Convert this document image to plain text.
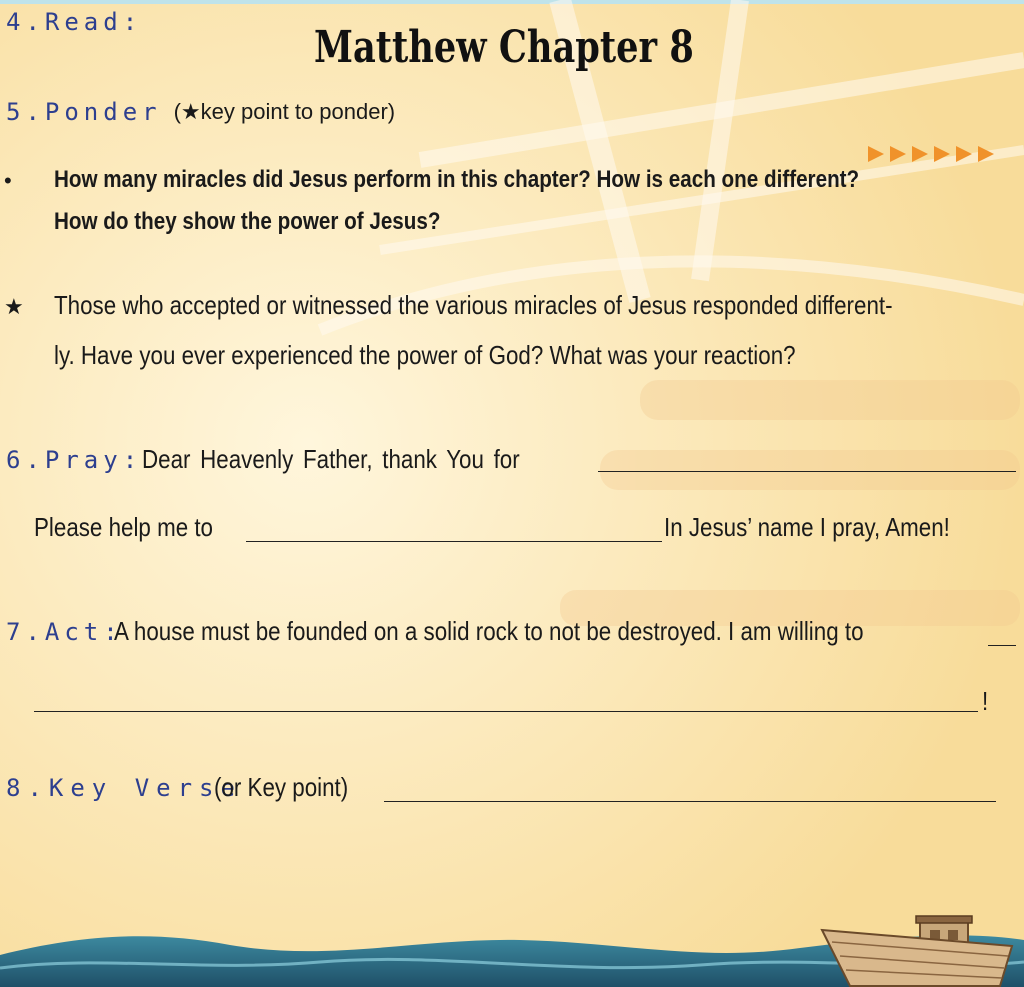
4.Read:	Matthew Chapter 8
5.Ponder (★key point to ponder)
• How many miracles did Jesus perform in this chapter? How is each one different?
How do they show the power of Jesus?
★ Those who accepted or witnessed the various miracles of Jesus responded different-
ly. Have you ever experienced the power of God? What was your reaction?
6.Pray: Dear Heavenly Father, thank You for
Please help me to	In Jesus’ name I pray, Amen!
7.Act:
A house must be founded on a solid rock to not be destroyed. I am willing to
!
8.Key Verse
(or Key point)
